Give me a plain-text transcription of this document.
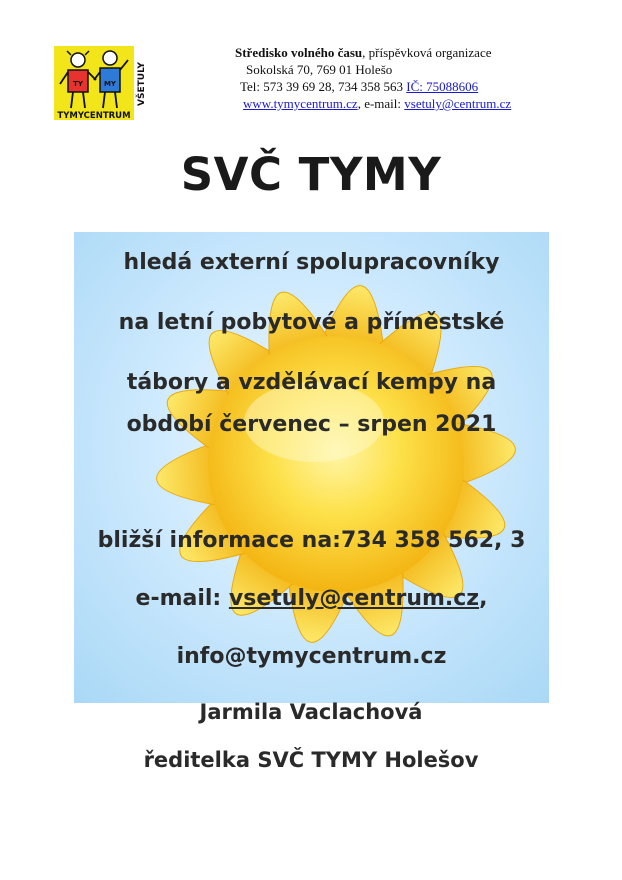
TY	MY
TYMYCENTRUM
VŠETULY
Středisko volného času, příspěvková organizace
Sokolská 70, 769 01 Holešo
Tel: 573 39 69 28, 734 358 563 IČ: 75088606
www.tymycentrum.cz, e-mail: vsetuly@centrum.cz
SVČ TYMY
hledá externí spolupracovníky
na letní pobytové a příměstské
tábory a vzdělávací kempy na
období červenec – srpen 2021
bližší informace na:734 358 562, 3
e-mail: vsetuly@centrum.cz,
info@tymycentrum.cz
Jarmila Vaclachová
ředitelka SVČ TYMY Holešov
